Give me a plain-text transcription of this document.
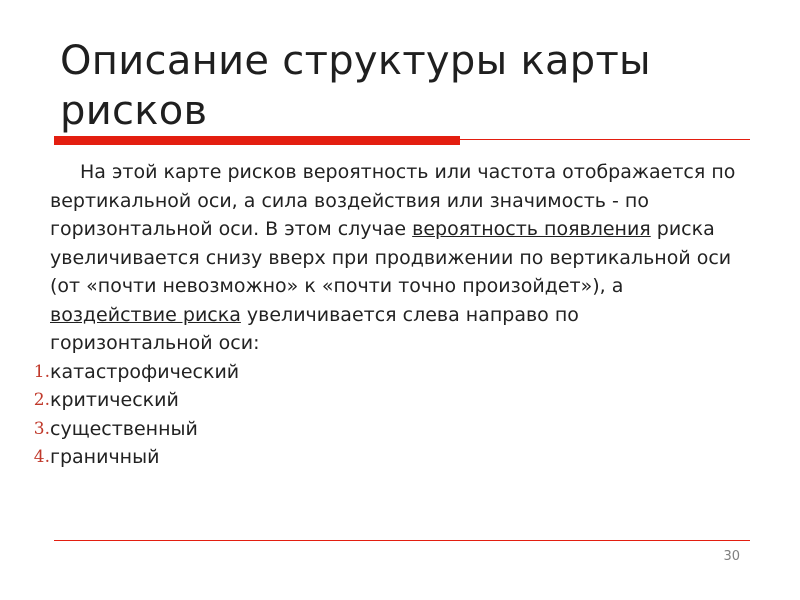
Описание структуры карты рисков

На этой карте рисков вероятность или частота отображается по вертикальной оси, а сила воздействия или значимость - по горизонтальной оси. В этом случае вероятность появления риска увеличивается снизу вверх при продвижении по вертикальной оси (от «почти невозможно» к «почти точно произойдет»), а воздействие риска увеличивается слева направо по горизонтальной оси:

1. катастрофический
2. критический
3. существенный
4. граничный
30
